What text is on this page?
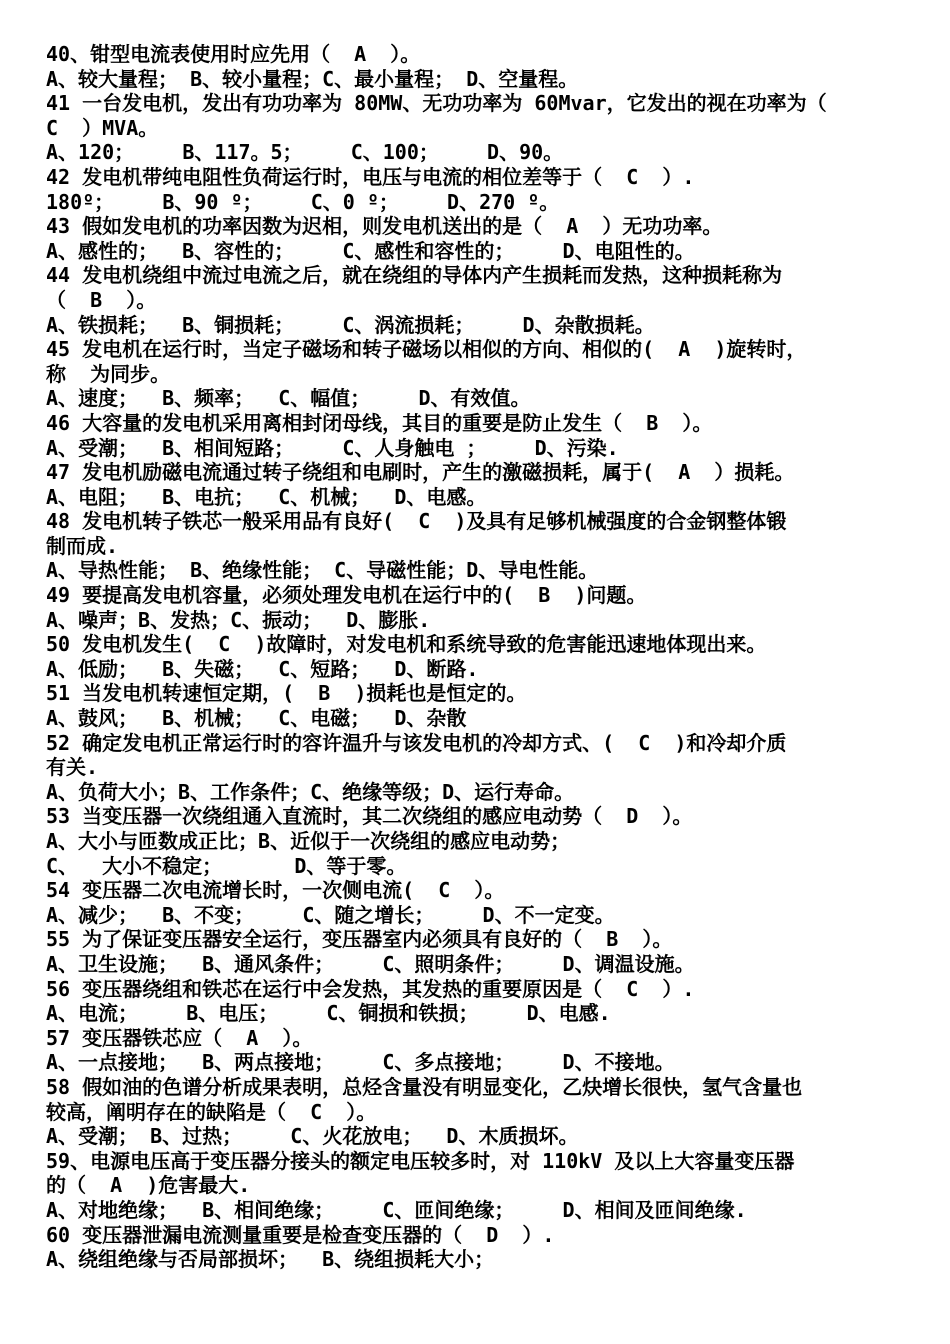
40、钳型电流表使用时应先用（  A  ）。
A、较大量程； B、较小量程；C、最小量程； D、空量程。
41 一台发电机，发出有功功率为 80MW、无功功率为 60Mvar，它发出的视在功率为（
C  ）MVA。
A、120；    B、117。5；    C、100；    D、90。
42 发电机带纯电阻性负荷运行时，电压与电流的相位差等于（  C  ）.
180º；    B、90 º；    C、0 º；    D、270 º。
43 假如发电机的功率因数为迟相，则发电机送出的是（  A  ）无功功率。
A、感性的；  B、容性的；    C、感性和容性的；    D、电阻性的。
44 发电机绕组中流过电流之后，就在绕组的导体内产生损耗而发热，这种损耗称为
（  B  ）。
A、铁损耗；  B、铜损耗；    C、涡流损耗；    D、杂散损耗。
45 发电机在运行时，当定子磁场和转子磁场以相似的方向、相似的(  A  )旋转时，
称  为同步。
A、速度；  B、频率；  C、幅值；    D、有效值。
46 大容量的发电机采用离相封闭母线，其目的重要是防止发生（  B  ）。
A、受潮；  B、相间短路；    C、人身触电 ；    D、污染.
47 发电机励磁电流通过转子绕组和电刷时，产生的激磁损耗，属于(  A  ）损耗。
A、电阻；  B、电抗；  C、机械；  D、电感。
48 发电机转子铁芯一般采用品有良好(  C  )及具有足够机械强度的合金钢整体锻
制而成.
A、导热性能； B、绝缘性能； C、导磁性能；D、导电性能。
49 要提高发电机容量，必须处理发电机在运行中的(  B  )问题。
A、噪声；B、发热；C、振动；  D、膨胀.
50 发电机发生(  C  )故障时，对发电机和系统导致的危害能迅速地体现出来。
A、低励；  B、失磁；  C、短路；  D、断路.
51 当发电机转速恒定期，(  B  )损耗也是恒定的。
A、鼓风；  B、机械；  C、电磁；  D、杂散
52 确定发电机正常运行时的容许温升与该发电机的冷却方式、(  C  )和冷却介质
有关.
A、负荷大小；B、工作条件；C、绝缘等级；D、运行寿命。
53 当变压器一次绕组通入直流时，其二次绕组的感应电动势（  D  ）。
A、大小与匝数成正比；B、近似于一次绕组的感应电动势；
C、  大小不稳定；      D、等于零。
54 变压器二次电流增长时，一次侧电流(  C  ）。
A、减少；  B、不变；    C、随之增长；    D、不一定变。
55 为了保证变压器安全运行，变压器室内必须具有良好的（  B  ）。
A、卫生设施；  B、通风条件；    C、照明条件；    D、调温设施。
56 变压器绕组和铁芯在运行中会发热，其发热的重要原因是（  C  ）.
A、电流；    B、电压；    C、铜损和铁损；    D、电感.
57 变压器铁芯应（  A  ）。
A、一点接地；  B、两点接地；    C、多点接地；    D、不接地。
58 假如油的色谱分析成果表明，总烃含量没有明显变化，乙炔增长很快，氢气含量也
较高，阐明存在的缺陷是（  C  ）。
A、受潮； B、过热；    C、火花放电；  D、木质损坏。
59、电源电压高于变压器分接头的额定电压较多时，对 110kV 及以上大容量变压器
的（  A  )危害最大.
A、对地绝缘；  B、相间绝缘；    C、匝间绝缘；    D、相间及匝间绝缘.
60 变压器泄漏电流测量重要是检查变压器的（  D  ）.
A、绕组绝缘与否局部损坏；  B、绕组损耗大小；
